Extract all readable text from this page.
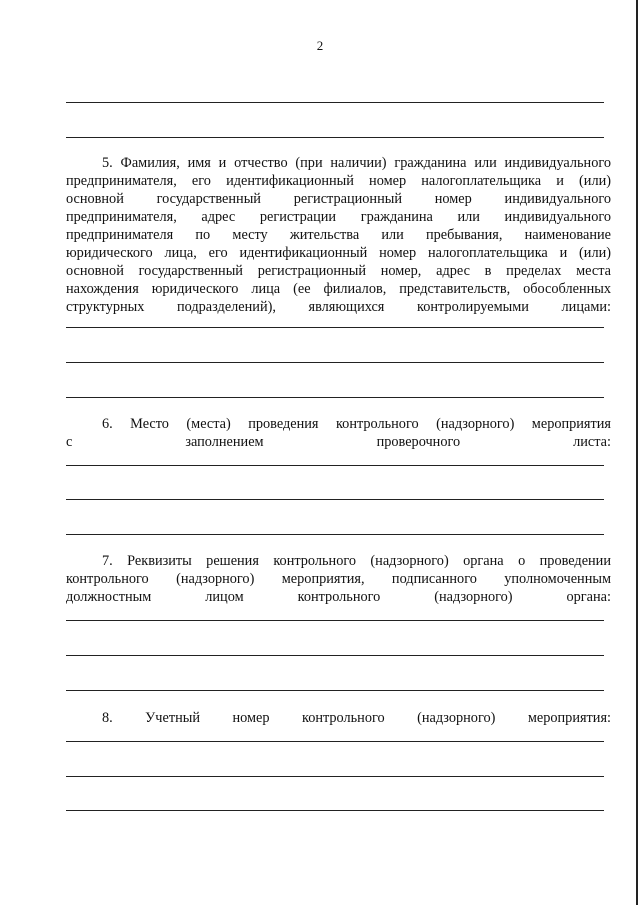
2
5. Фамилия, имя и отчество (при наличии) гражданина или индивидуального
предпринимателя, его идентификационный номер налогоплательщика и (или)
основной государственный регистрационный номер индивидуального
предпринимателя, адрес регистрации гражданина или индивидуального
предпринимателя по месту жительства или пребывания, наименование
юридического лица, его идентификационный номер налогоплательщика и (или)
основной государственный регистрационный номер, адрес в пределах места
нахождения юридического лица (ее филиалов, представительств, обособленных
структурных подразделений), являющихся контролируемыми лицами:
6. Место (места) проведения контрольного (надзорного) мероприятия
с заполнением проверочного листа:
7. Реквизиты решения контрольного (надзорного) органа о проведении
контрольного (надзорного) мероприятия, подписанного уполномоченным
должностным лицом контрольного (надзорного) органа:
8. Учетный номер контрольного (надзорного) мероприятия:
